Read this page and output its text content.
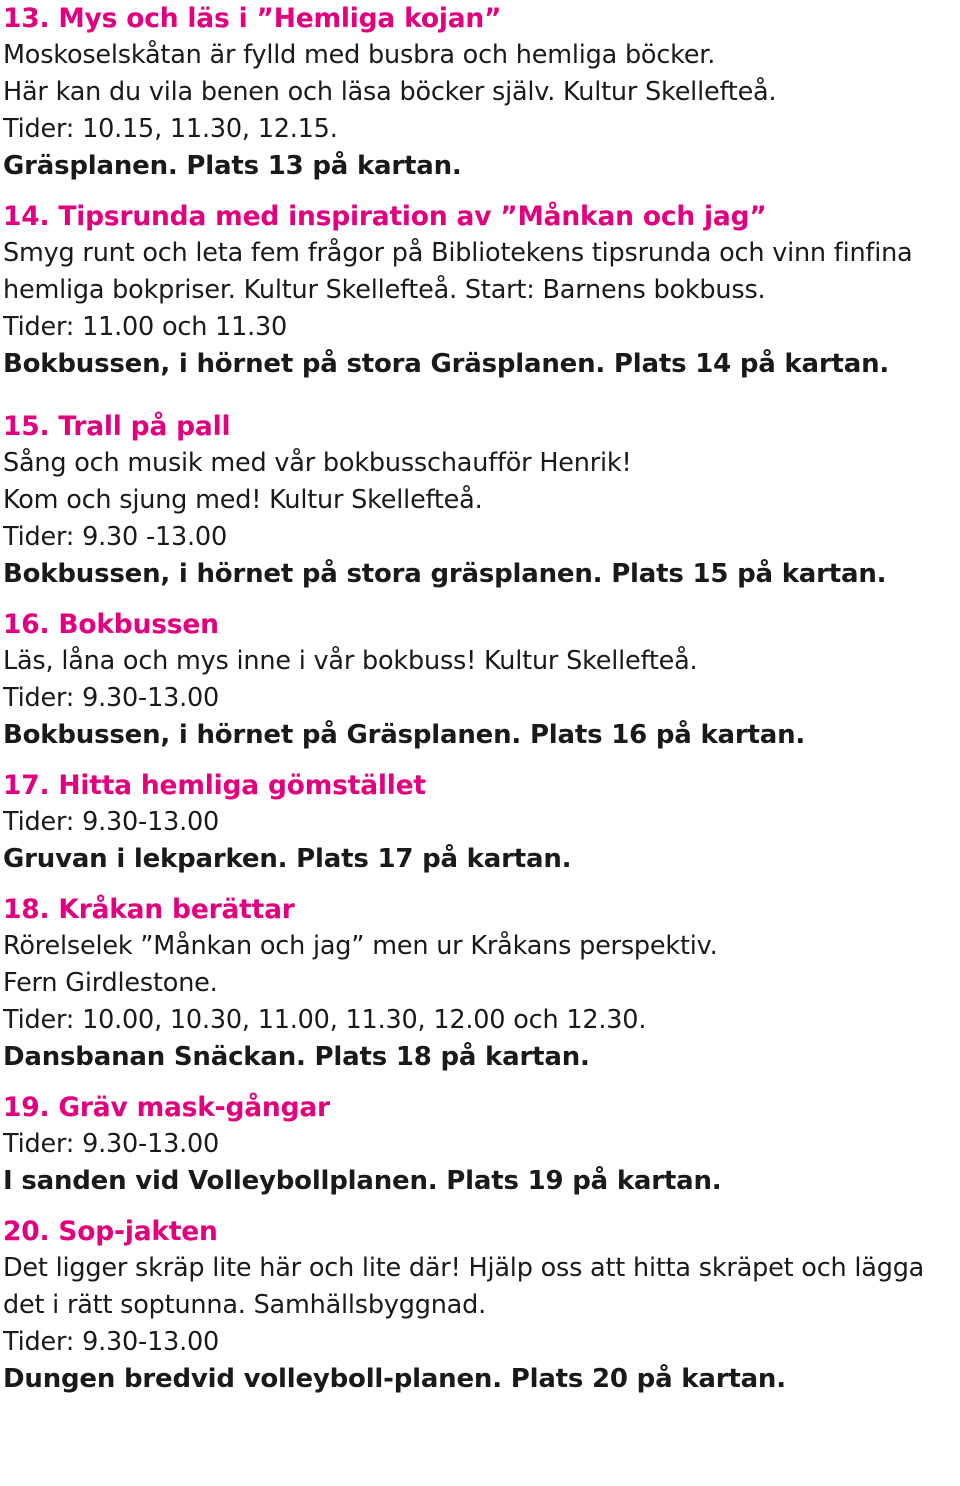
13. Mys och läs i ”Hemliga kojan”
Moskoselskåtan är fylld med busbra och hemliga böcker.
Här kan du vila benen och läsa böcker själv. Kultur Skellefteå.
Tider: 10.15, 11.30, 12.15.
Gräsplanen. Plats 13 på kartan.
14. Tipsrunda med inspiration av ”Månkan och jag”
Smyg runt och leta fem frågor på Bibliotekens tipsrunda och vinn finfina
hemliga bokpriser. Kultur Skellefteå. Start: Barnens bokbuss.
Tider: 11.00 och 11.30
Bokbussen, i hörnet på stora Gräsplanen. Plats 14 på kartan.
15. Trall på pall
Sång och musik med vår bokbusschaufför Henrik!
Kom och sjung med! Kultur Skellefteå.
Tider: 9.30 -13.00
Bokbussen, i hörnet på stora gräsplanen. Plats 15 på kartan.
16. Bokbussen
Läs, låna och mys inne i vår bokbuss! Kultur Skellefteå.
Tider: 9.30-13.00
Bokbussen, i hörnet på Gräsplanen. Plats 16 på kartan.
17. Hitta hemliga gömstället
Tider: 9.30-13.00
Gruvan i lekparken. Plats 17 på kartan.
18. Kråkan berättar
Rörelselek ”Månkan och jag” men ur Kråkans perspektiv.
Fern Girdlestone.
Tider: 10.00, 10.30, 11.00, 11.30, 12.00 och 12.30.
Dansbanan Snäckan. Plats 18 på kartan.
19. Gräv mask-gångar
Tider: 9.30-13.00
I sanden vid Volleybollplanen. Plats 19 på kartan.
20. Sop-jakten
Det ligger skräp lite här och lite där! Hjälp oss att hitta skräpet och lägga
det i rätt soptunna. Samhällsbyggnad.
Tider: 9.30-13.00
Dungen bredvid volleyboll-planen. Plats 20 på kartan.
